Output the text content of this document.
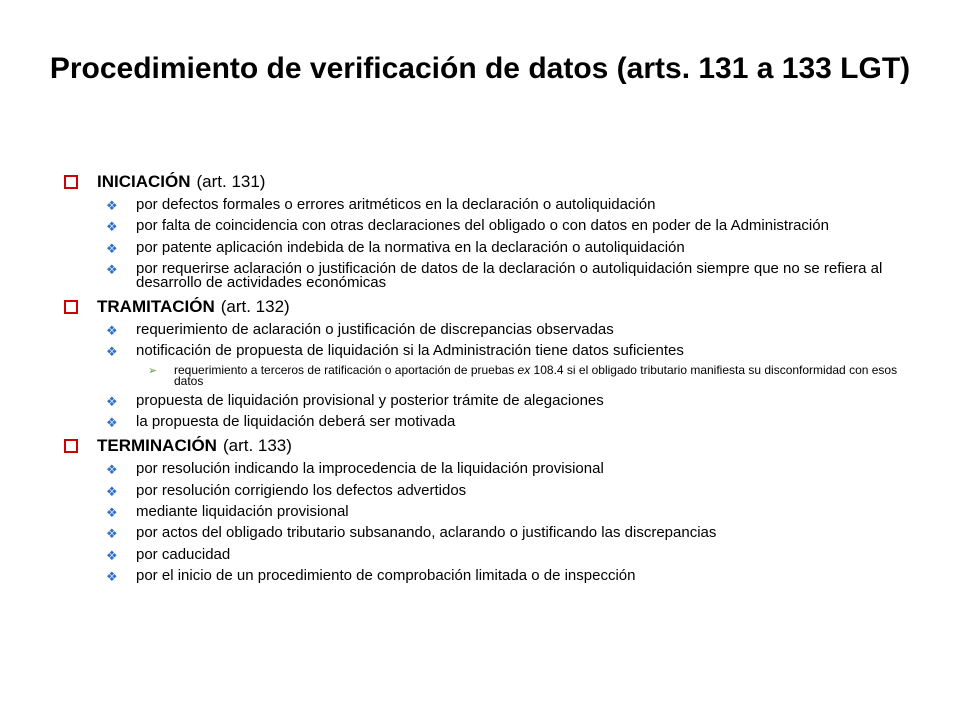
Procedimiento de verificación de datos (arts. 131 a 133 LGT)
INICIACIÓN (art. 131)
❖	por defectos formales o errores aritméticos en la declaración o autoliquidación
❖	por falta de coincidencia con otras declaraciones del obligado o con datos en poder de la Administración
❖	por patente aplicación indebida de la normativa en la declaración o autoliquidación
❖	por requerirse aclaración o justificación de datos de la declaración o autoliquidación siempre que no se refiera al desarrollo de actividades económicas
TRAMITACIÓN (art. 132)
❖	requerimiento de aclaración o justificación de discrepancias observadas
❖	notificación de propuesta de liquidación si la Administración tiene datos suficientes
➢	requerimiento a terceros de ratificación o aportación de pruebas ex 108.4 si el obligado tributario manifiesta su disconformidad con esos datos
❖	propuesta de liquidación provisional y posterior trámite de alegaciones
❖	la propuesta de liquidación deberá ser motivada
TERMINACIÓN (art. 133)
❖	por resolución indicando la improcedencia de la liquidación provisional
❖	por resolución corrigiendo los defectos advertidos
❖	mediante liquidación provisional
❖	por actos del obligado tributario subsanando, aclarando o justificando las discrepancias
❖	por caducidad
❖	por el inicio de un procedimiento de comprobación limitada o de inspección
